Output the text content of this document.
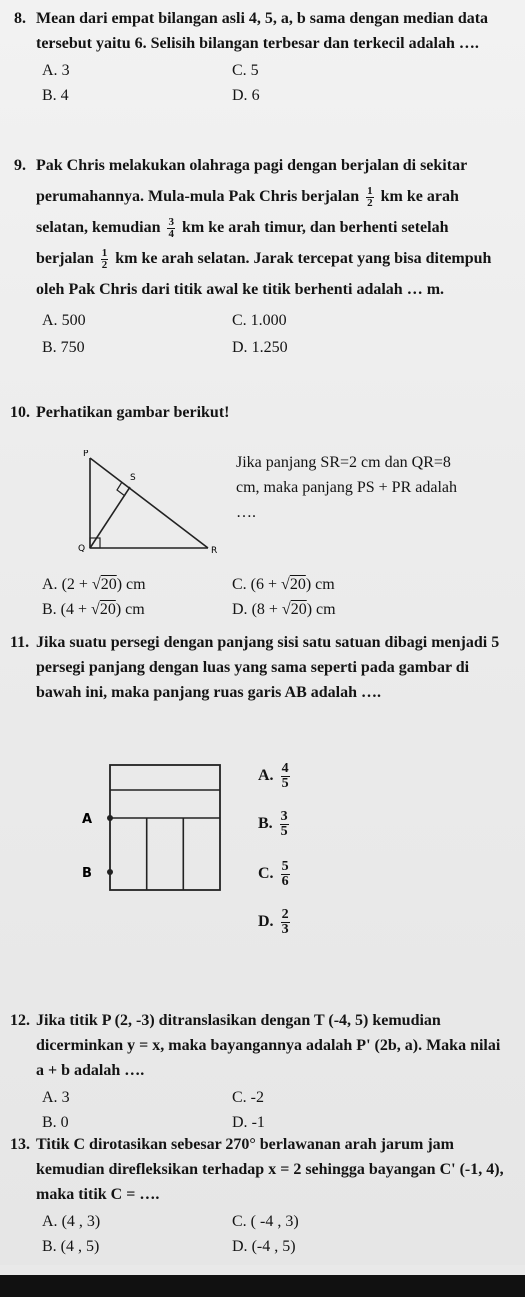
8. Mean dari empat bilangan asli 4, 5, a, b sama dengan median data tersebut yaitu 6. Selisih bilangan terbesar dan terkecil adalah ….
A. 3	C. 5
B. 4	D. 6
9. Pak Chris melakukan olahraga pagi dengan berjalan di sekitar perumahannya. Mula-mula Pak Chris berjalan $\frac{1}{2}$ km ke arah selatan, kemudian $\frac{3}{4}$ km ke arah timur, dan berhenti setelah berjalan $\frac{1}{2}$ km ke arah selatan. Jarak tercepat yang bisa ditempuh oleh Pak Chris dari titik awal ke titik berhenti adalah … m.
A. 500	C. 1.000
B. 750	D. 1.250
10. Perhatikan gambar berikut!
P
S
Q	R
Jika panjang SR=2 cm dan QR=8 cm, maka panjang PS + PR adalah ….
A. (2 + √20) cm	C. (6 + √20) cm
B. (4 + √20) cm	D. (8 + √20) cm
11. Jika suatu persegi dengan panjang sisi satu satuan dibagi menjadi 5 persegi panjang dengan luas yang sama seperti pada gambar di bawah ini, maka panjang ruas garis AB adalah ….
A
B
A. $\frac{4}{5}$
B. $\frac{3}{5}$
C. $\frac{5}{6}$
D. $\frac{2}{3}$
12. Jika titik P (2, -3) ditranslasikan dengan T (-4, 5) kemudian dicerminkan y = x, maka bayangannya adalah P' (2b, a). Maka nilai a + b adalah ….
A. 3	C. -2
B. 0	D. -1
13. Titik C dirotasikan sebesar 270° berlawanan arah jarum jam kemudian direfleksikan terhadap x = 2 sehingga bayangan C' (-1, 4), maka titik C = ….
A. (4 , 3)	C. ( -4 , 3)
B. (4 , 5)	D. (-4 , 5)
